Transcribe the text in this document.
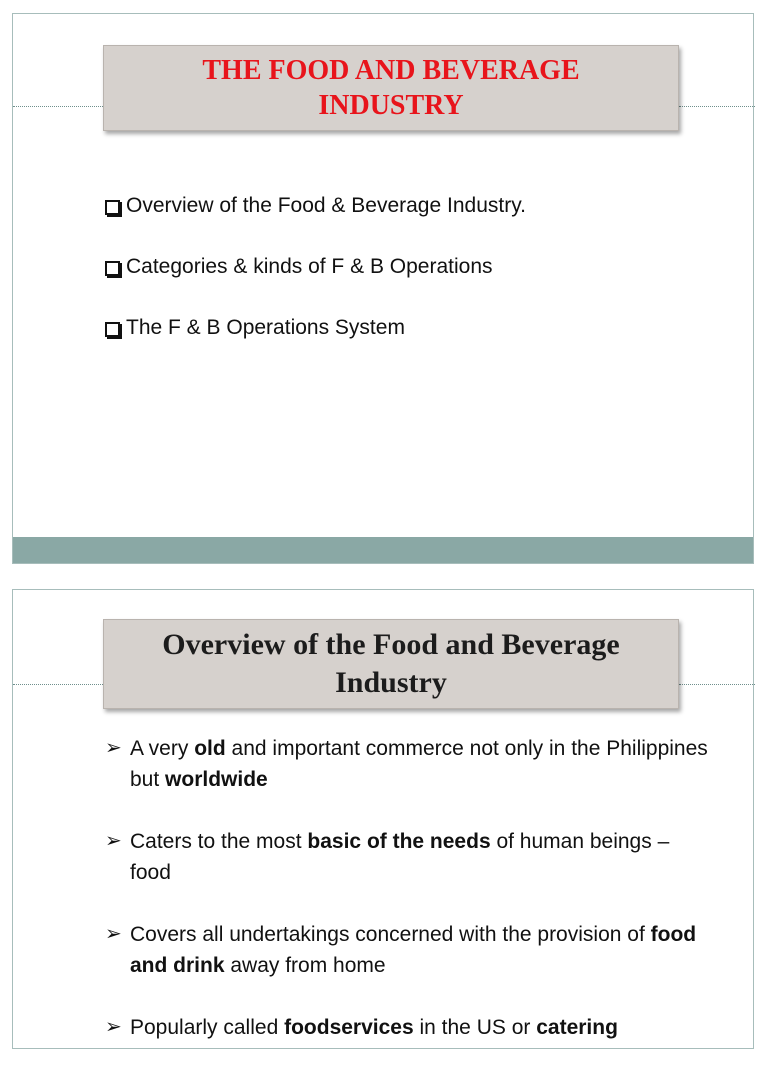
THE FOOD AND BEVERAGE
INDUSTRY
Overview of the Food & Beverage Industry.
Categories & kinds of F & B Operations
The F & B Operations System
Overview of the Food and Beverage
Industry
➢ A very old and important commerce not only in the Philippines but worldwide
➢ Caters to the most basic of the needs of human beings – food
➢ Covers all undertakings concerned with the provision of food and drink away from home
➢ Popularly called foodservices in the US or catering
